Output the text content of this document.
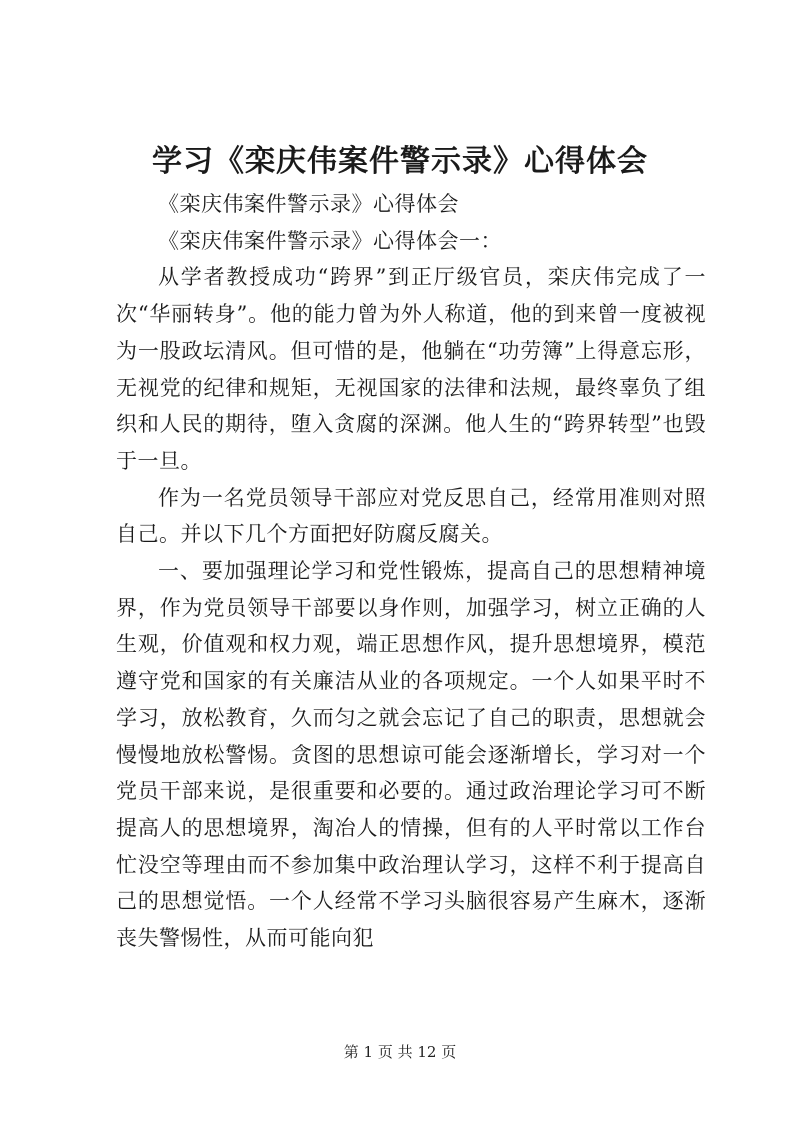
学习《栾庆伟案件警示录》心得体会

《栾庆伟案件警示录》心得体会

《栾庆伟案件警示录》心得体会一：

从学者教授成功“跨界”到正厅级官员，栾庆伟完成了一次“华丽转身”。他的能力曾为外人称道，他的到来曾一度被视为一股政坛清风。但可惜的是，他躺在“功劳簿”上得意忘形，无视党的纪律和规矩，无视国家的法律和法规，最终辜负了组织和人民的期待，堕入贪腐的深渊。他人生的“跨界转型”也毁于一旦。

作为一名党员领导干部应对党反思自己，经常用准则对照自己。并以下几个方面把好防腐反腐关。

一、要加强理论学习和党性锻炼，提高自己的思想精神境界，作为党员领导干部要以身作则，加强学习，树立正确的人生观，价值观和权力观，端正思想作风，提升思想境界，模范遵守党和国家的有关廉洁从业的各项规定。一个人如果平时不学习，放松教育，久而匀之就会忘记了自己的职责，思想就会慢慢地放松警惕。贪图的思想谅可能会逐渐增长，学习对一个党员干部来说，是很重要和必要的。通过政治理论学习可不断提高人的思想境界，淘冶人的情操，但有的人平时常以工作台忙没空等理由而不参加集中政治理认学习，这样不利于提高自己的思想觉悟。一个人经常不学习头脑很容易产生麻木，逐渐丧失警惕性，从而可能向犯

第 1 页 共 12 页
